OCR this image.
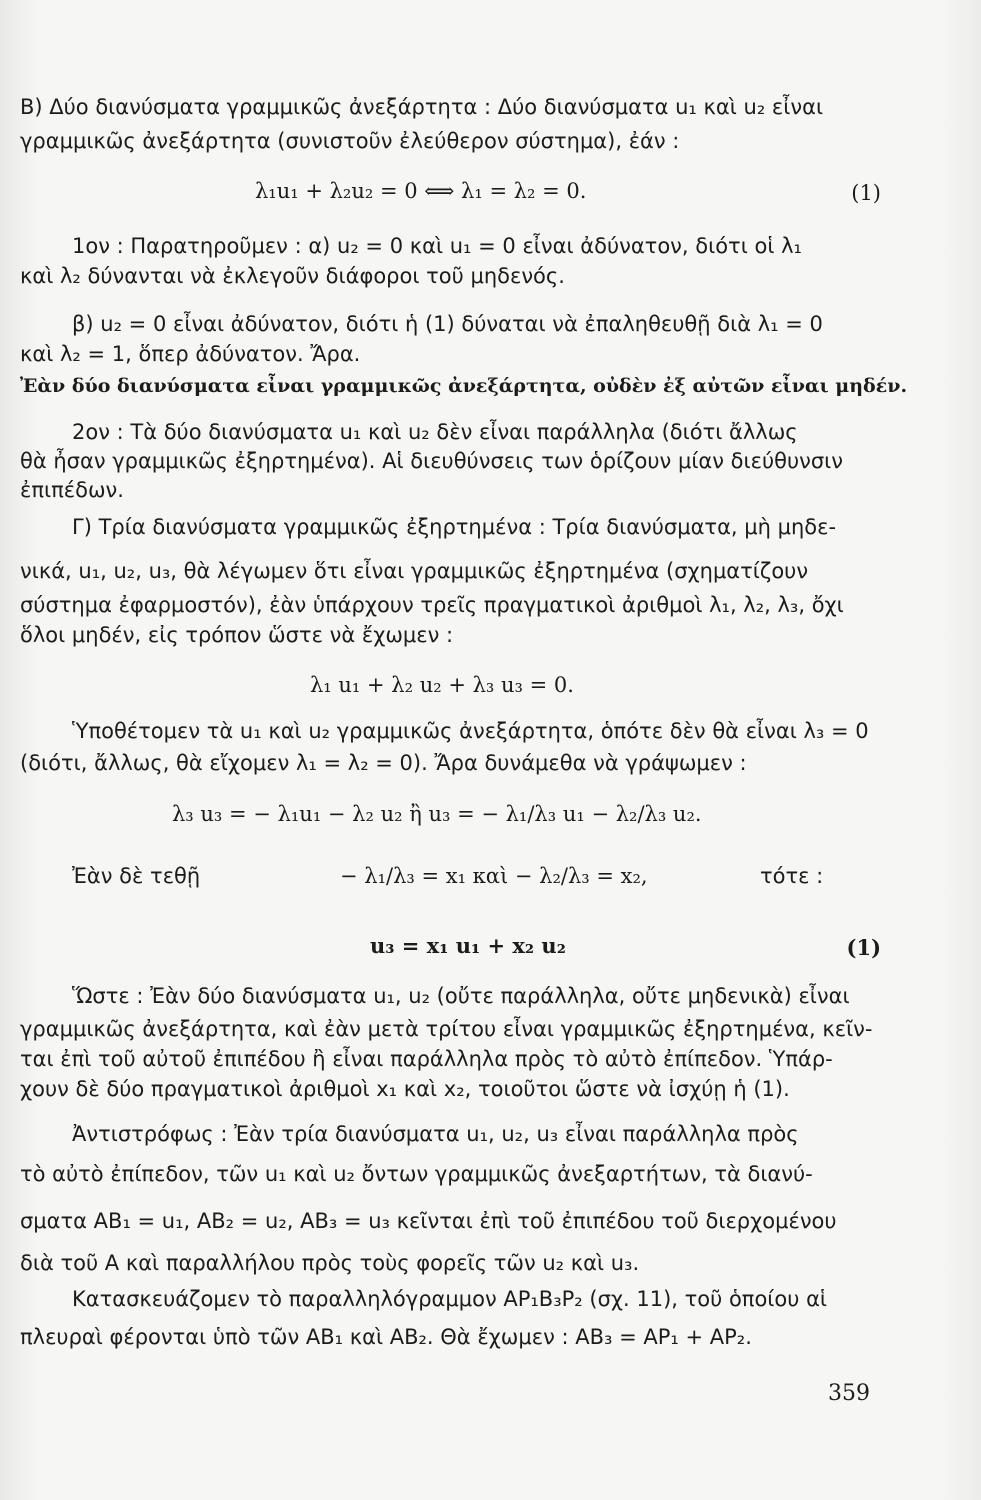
B) Δύο διανύσματα γραμμικῶς ἀνεξάρτητα : Δύο διανύσματα u₁ καὶ u₂ εἶναι
γραμμικῶς ἀνεξάρτητα (συνιστοῦν ἐλεύθερον σύστημα), ἐάν :
λ₁u₁ + λ₂u₂ = 0 ⟺ λ₁ = λ₂ = 0.	(1)
1ον : Παρατηροῦμεν : α) u₂ = 0 καὶ u₁ = 0 εἶναι ἀδύνατον, διότι οἱ λ₁
καὶ λ₂ δύνανται νὰ ἐκλεγοῦν διάφοροι τοῦ μηδενός.
β) u₂ = 0 εἶναι ἀδύνατον, διότι ἡ (1) δύναται νὰ ἐπαληθευθῇ διὰ λ₁ = 0
καὶ λ₂ = 1, ὅπερ ἀδύνατον. Ἄρα.
Ἐὰν δύο διανύσματα εἶναι γραμμικῶς ἀνεξάρτητα, οὐδὲν ἐξ αὐτῶν εἶναι μηδέν.
2ον : Τὰ δύο διανύσματα u₁ καὶ u₂ δὲν εἶναι παράλληλα (διότι ἄλλως
θὰ ἦσαν γραμμικῶς ἐξηρτημένα). Αἱ διευθύνσεις των ὁρίζουν μίαν διεύθυνσιν
ἐπιπέδων.
Γ) Τρία διανύσματα γραμμικῶς ἐξηρτημένα : Τρία διανύσματα, μὴ μηδε-
νικά, u₁, u₂, u₃, θὰ λέγωμεν ὅτι εἶναι γραμμικῶς ἐξηρτημένα (σχηματίζουν
σύστημα ἐφαρμοστόν), ἐὰν ὑπάρχουν τρεῖς πραγματικοὶ ἀριθμοὶ λ₁, λ₂, λ₃, ὄχι
ὅλοι μηδέν, εἰς τρόπον ὥστε νὰ ἔχωμεν :
λ₁ u₁ + λ₂ u₂ + λ₃ u₃ = 0.
Ὑποθέτομεν τὰ u₁ καὶ u₂ γραμμικῶς ἀνεξάρτητα, ὁπότε δὲν θὰ εἶναι λ₃ = 0
(διότι, ἄλλως, θὰ εἴχομεν λ₁ = λ₂ = 0). Ἄρα δυνάμεθα νὰ γράψωμεν :
λ₃ u₃ = − λ₁u₁ − λ₂ u₂ ἢ u₃ = − λ₁/λ₃ u₁ − λ₂/λ₃ u₂.
Ἐὰν δὲ τεθῇ	− λ₁/λ₃ = x₁ καὶ − λ₂/λ₃ = x₂,	τότε :
u₃ = x₁ u₁ + x₂ u₂	(1)
Ὥστε : Ἐὰν δύο διανύσματα u₁, u₂ (οὔτε παράλληλα, οὔτε μηδενικὰ) εἶναι
γραμμικῶς ἀνεξάρτητα, καὶ ἐὰν μετὰ τρίτου εἶναι γραμμικῶς ἐξηρτημένα, κεῖν-
ται ἐπὶ τοῦ αὐτοῦ ἐπιπέδου ἢ εἶναι παράλληλα πρὸς τὸ αὐτὸ ἐπίπεδον. Ὑπάρ-
χουν δὲ δύο πραγματικοὶ ἀριθμοὶ x₁ καὶ x₂, τοιοῦτοι ὥστε νὰ ἰσχύῃ ἡ (1).
Ἀντιστρόφως : Ἐὰν τρία διανύσματα u₁, u₂, u₃ εἶναι παράλληλα πρὸς
τὸ αὐτὸ ἐπίπεδον, τῶν u₁ καὶ u₂ ὄντων γραμμικῶς ἀνεξαρτήτων, τὰ διανύ-
σματα AB₁ = u₁, AB₂ = u₂, AB₃ = u₃ κεῖνται ἐπὶ τοῦ ἐπιπέδου τοῦ διερχομένου
διὰ τοῦ A καὶ παραλλήλου πρὸς τοὺς φορεῖς τῶν u₂ καὶ u₃.
Κατασκευάζομεν τὸ παραλληλόγραμμον AP₁B₃P₂ (σχ. 11), τοῦ ὁποίου αἱ
πλευραὶ φέρονται ὑπὸ τῶν AB₁ καὶ AB₂. Θὰ ἔχωμεν : AB₃ = AP₁ + AP₂.
359
